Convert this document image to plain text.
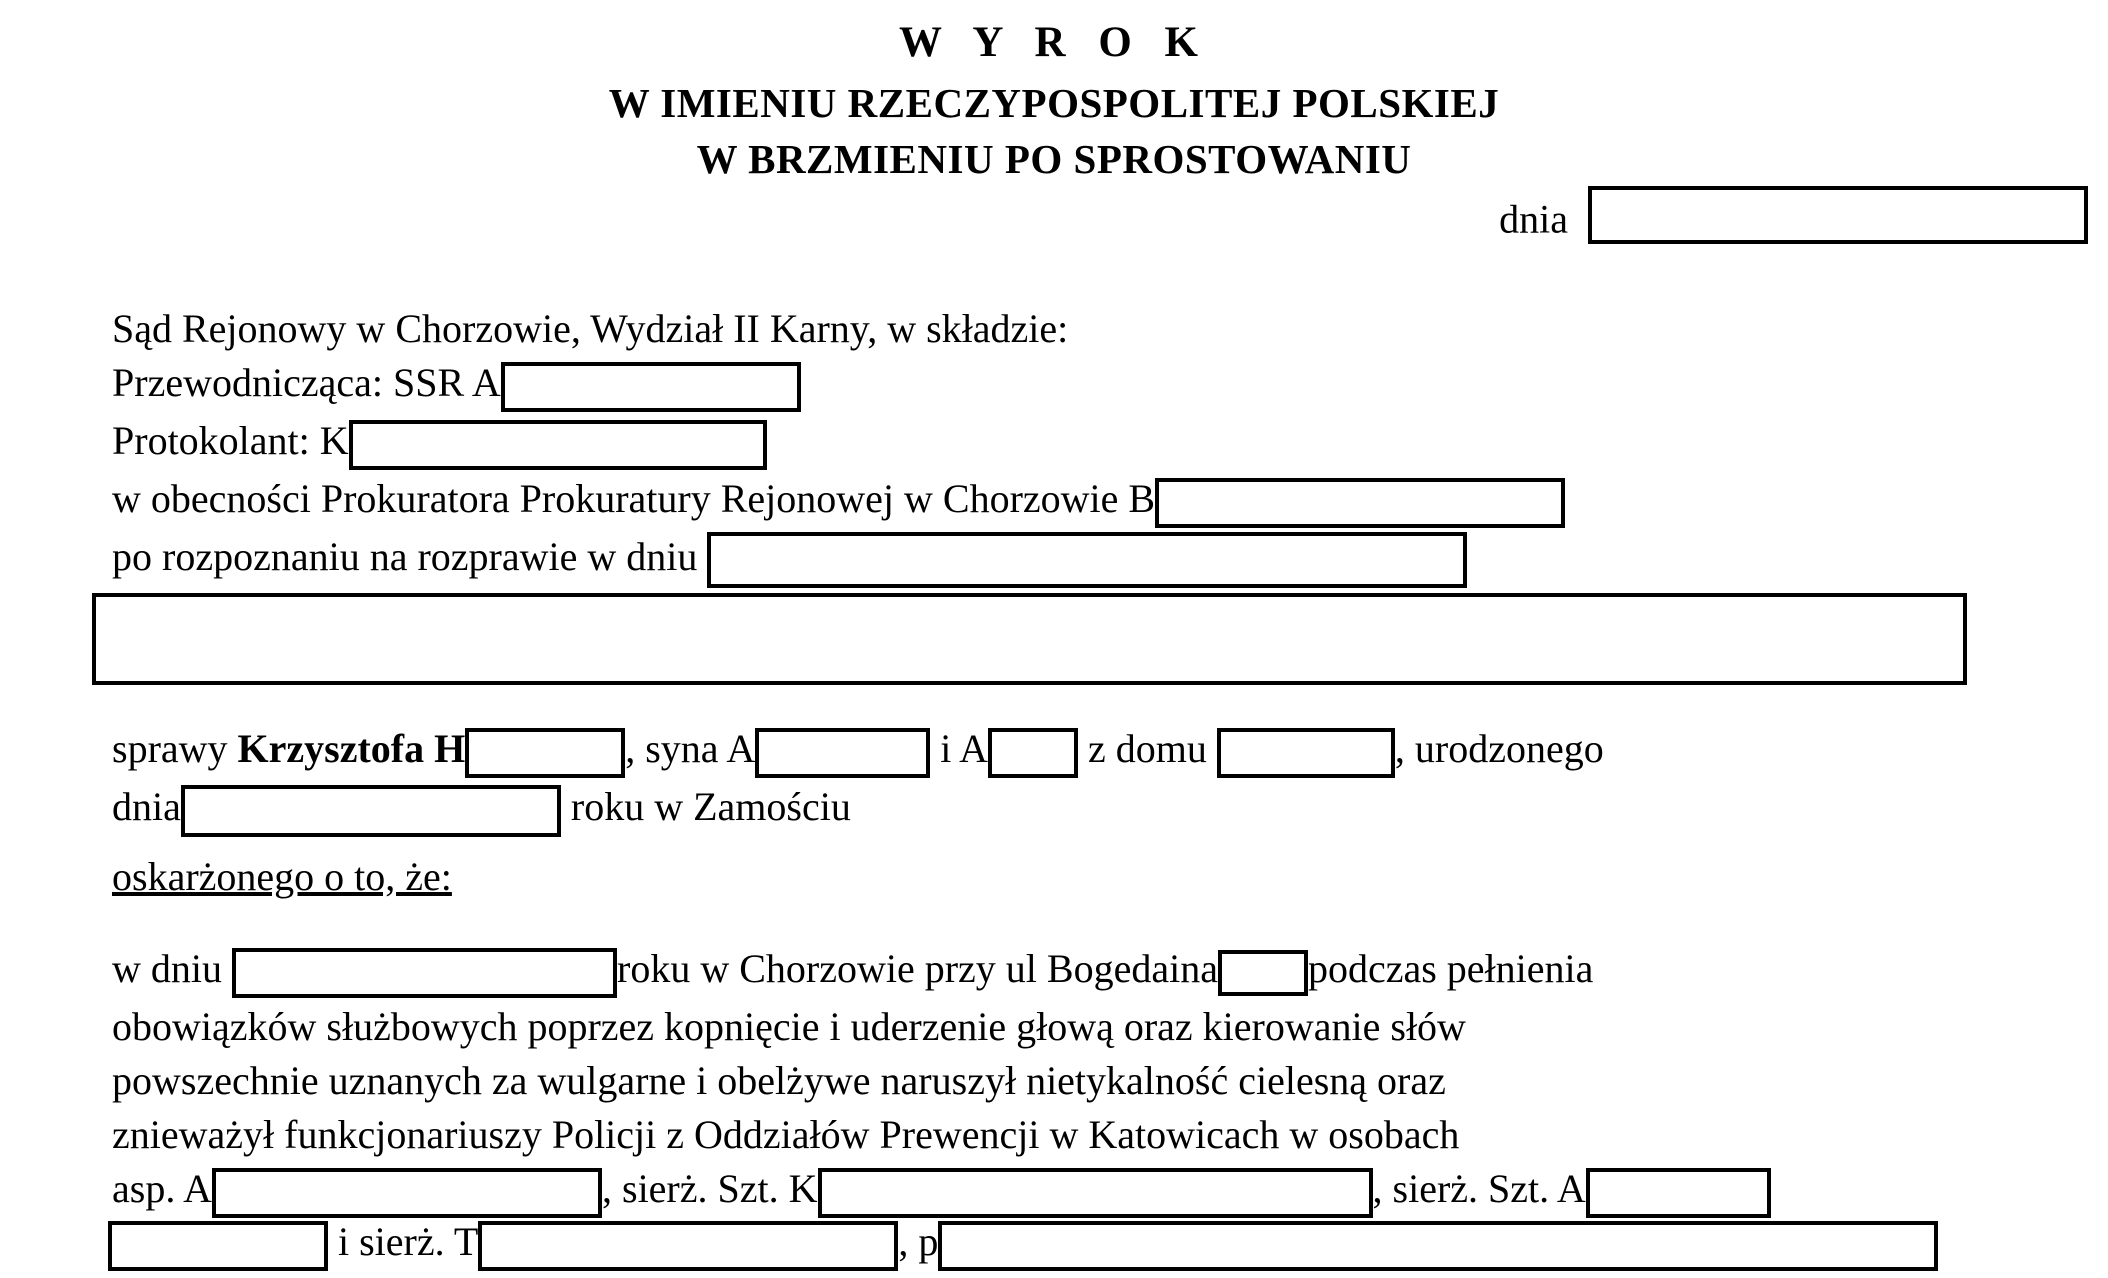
W Y R O K
W IMIENIU RZECZYPOSPOLITEJ POLSKIEJ
W BRZMIENIU PO SPROSTOWANIU
dnia
Sąd Rejonowy w Chorzowie, Wydział II Karny, w składzie:
Przewodnicząca: SSR A
Protokolant: K
w obecności Prokuratora Prokuratury Rejonowej w Chorzowie B
po rozpoznaniu na rozprawie w dniu
sprawy Krzysztofa H	, syna A	i A	z domu	, urodzonego
dnia	roku w Zamościu
oskarżonego o to, że:
w dniu	roku w Chorzowie przy ul Bogedaina podczas pełnienia
obowiązków służbowych poprzez kopnięcie i uderzenie głową oraz kierowanie słów
powszechnie uznanych za wulgarne i obelżywe naruszył nietykalność cielesną oraz
znieważył funkcjonariuszy Policji z Oddziałów Prewencji w Katowicach w osobach
asp. A	, sierż. Szt. K	, sierż. Szt. A
i sierż. T	, p
